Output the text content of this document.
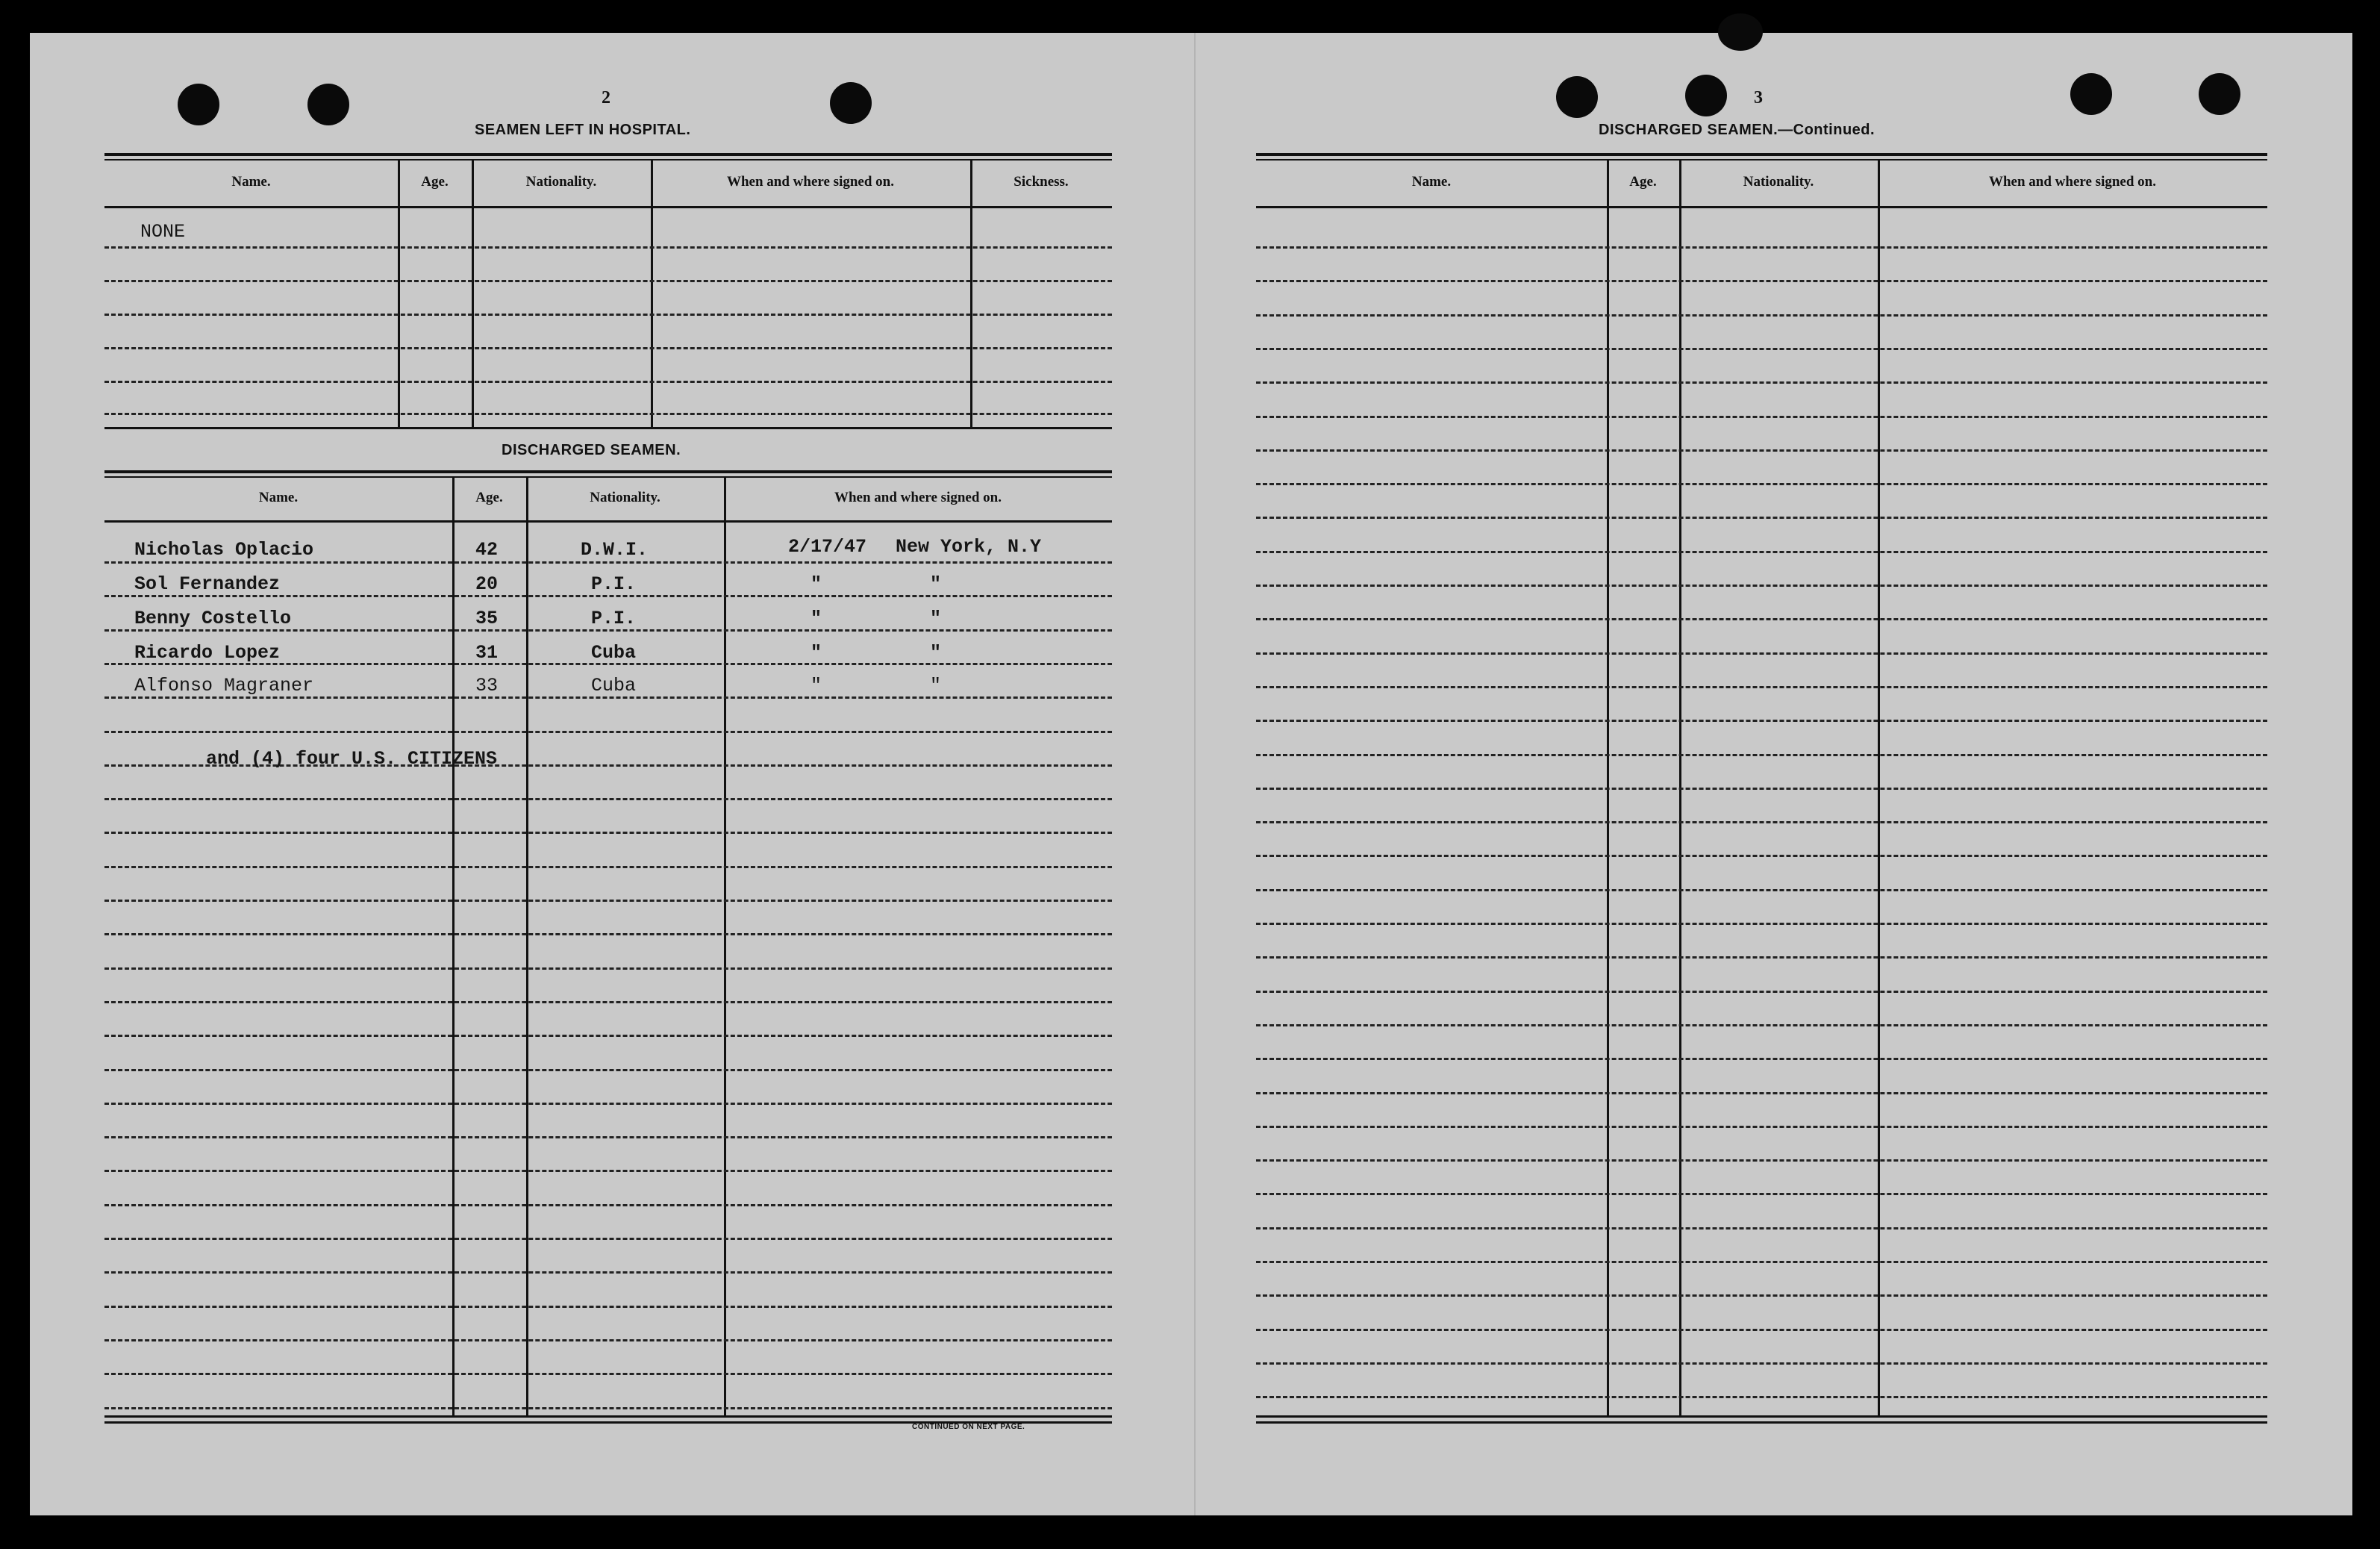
2
SEAMEN LEFT IN HOSPITAL.
Name.	Age.	Nationality.	When and where signed on.	Sickness.
NONE
DISCHARGED SEAMEN.
Name.	Age.	Nationality.	When and where signed on.
Nicholas Oplacio	42	D.W.I.	2/17/47 New York, N.Y
Sol Fernandez	20	P.I.	"	"
Benny Costello	35	P.I.	"	"
Ricardo Lopez	31	Cuba	"	"
Alfonso Magraner	33	Cuba	"	"
and (4) four U.S. CITIZENS
CONTINUED ON NEXT PAGE.
3
DISCHARGED SEAMEN.—Continued.
Name.	Age.	Nationality.	When and where signed on.
